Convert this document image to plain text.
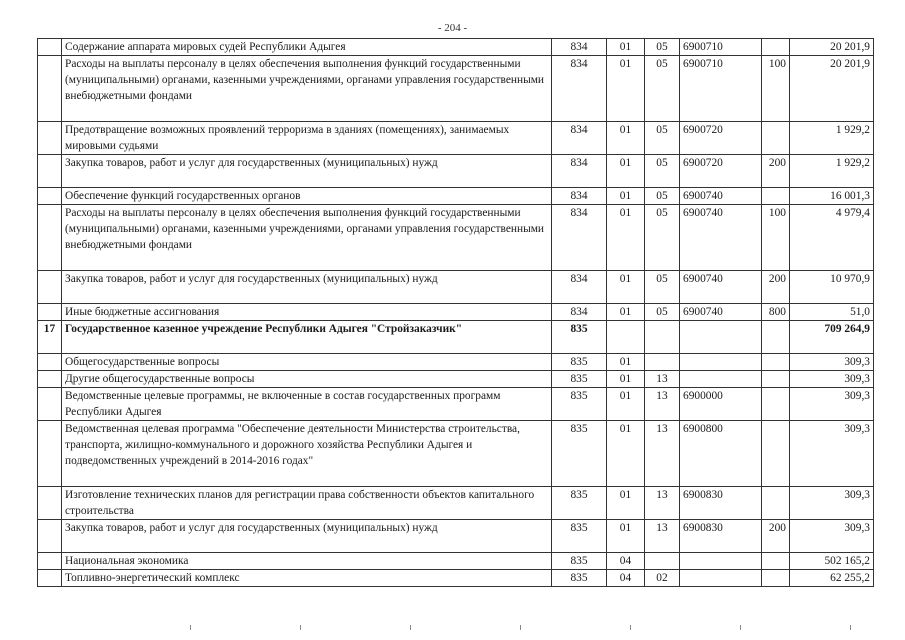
- 204 -
	Содержание аппарата мировых судей Республики Адыгея	834	01	05	6900710		20 201,9
	Расходы на выплаты персоналу в целях обеспечения выполнения функций государственными (муниципальными) органами, казенными учреждениями, органами управления государственными внебюджетными фондами	834	01	05	6900710	100	20 201,9
	Предотвращение возможных проявлений терроризма в зданиях (помещениях), занимаемых мировыми судьями	834	01	05	6900720		1 929,2
	Закупка товаров, работ и услуг для государственных (муниципальных) нужд	834	01	05	6900720	200	1 929,2
	Обеспечение функций государственных органов	834	01	05	6900740		16 001,3
	Расходы на выплаты персоналу в целях обеспечения выполнения функций государственными (муниципальными) органами, казенными учреждениями, органами управления государственными внебюджетными фондами	834	01	05	6900740	100	4 979,4
	Закупка товаров, работ и услуг для государственных (муниципальных) нужд	834	01	05	6900740	200	10 970,9
	Иные бюджетные ассигнования	834	01	05	6900740	800	51,0
17	Государственное казенное учреждение Республики Адыгея "Стройзаказчик"	835					709 264,9
	Общегосударственные вопросы	835	01				309,3
	Другие общегосударственные вопросы	835	01	13			309,3
	Ведомственные целевые программы, не включенные в состав государственных программ Республики Адыгея	835	01	13	6900000		309,3
	Ведомственная целевая программа "Обеспечение деятельности Министерства строительства, транспорта, жилищно-коммунального и дорожного хозяйства Республики Адыгея и подведомственных учреждений в 2014-2016 годах"	835	01	13	6900800		309,3
	Изготовление технических планов для регистрации права собственности объектов капитального строительства	835	01	13	6900830		309,3
	Закупка товаров, работ и услуг для государственных (муниципальных) нужд	835	01	13	6900830	200	309,3
	Национальная экономика	835	04				502 165,2
	Топливно-энергетический комплекс	835	04	02			62 255,2
